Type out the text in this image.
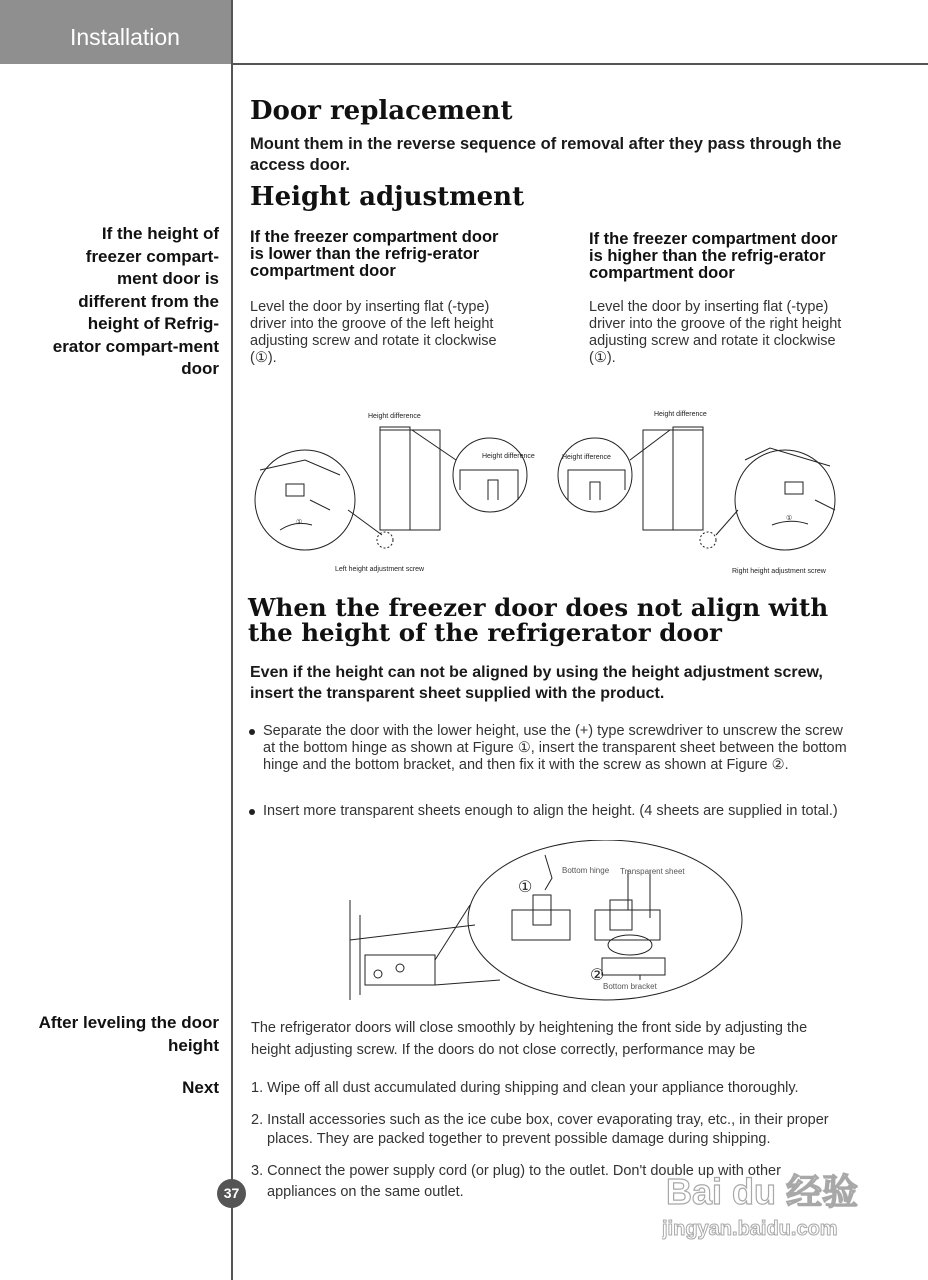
Installation
Door replacement
Mount them in the reverse sequence of removal after they pass through the access door.
Height adjustment
If the height of freezer compart-ment door is different from the height of Refrig-erator compart-ment door
If the freezer compartment door is lower than the refrig-erator compartment door
If the freezer compartment door is higher than the refrig-erator compartment door
Level the door by inserting flat (-type) driver into the groove of the left height adjusting screw and rotate it clockwise (①).
Level the door by inserting flat (-type) driver into the groove of the right height adjusting screw and rotate it clockwise (①).
Height difference
Height difference
Left height adjustment screw
①
Height difference
Height ifference
Right height adjustment screw
①
When the freezer door does not align with
the height of the refrigerator door
Even if the height can not be aligned by using the height adjustment screw, insert the transparent sheet supplied with the product.
Separate the door with the lower height, use the (+) type screwdriver to unscrew the screw at the bottom hinge as shown at Figure ①, insert the transparent sheet between the bottom hinge and the bottom bracket, and then fix it with the screw as shown at Figure ②.
Insert more transparent sheets enough to align the height. (4 sheets are supplied in total.)
①
②
Bottom hinge Transparent sheet
Bottom bracket
After leveling the door height
The refrigerator doors will close smoothly by heightening the front side by adjusting the height adjusting screw. If the doors do not close correctly, performance may be
Next 1. Wipe off all dust accumulated during shipping and clean your appliance thoroughly.
2. Install accessories such as the ice cube box, cover evaporating tray, etc., in their proper places. They are packed together to prevent possible damage during shipping.
3. Connect the power supply cord (or plug) to the outlet. Don't double up with other appliances on the same outlet.
37	Bai du 经验
jingyan.baidu.com
